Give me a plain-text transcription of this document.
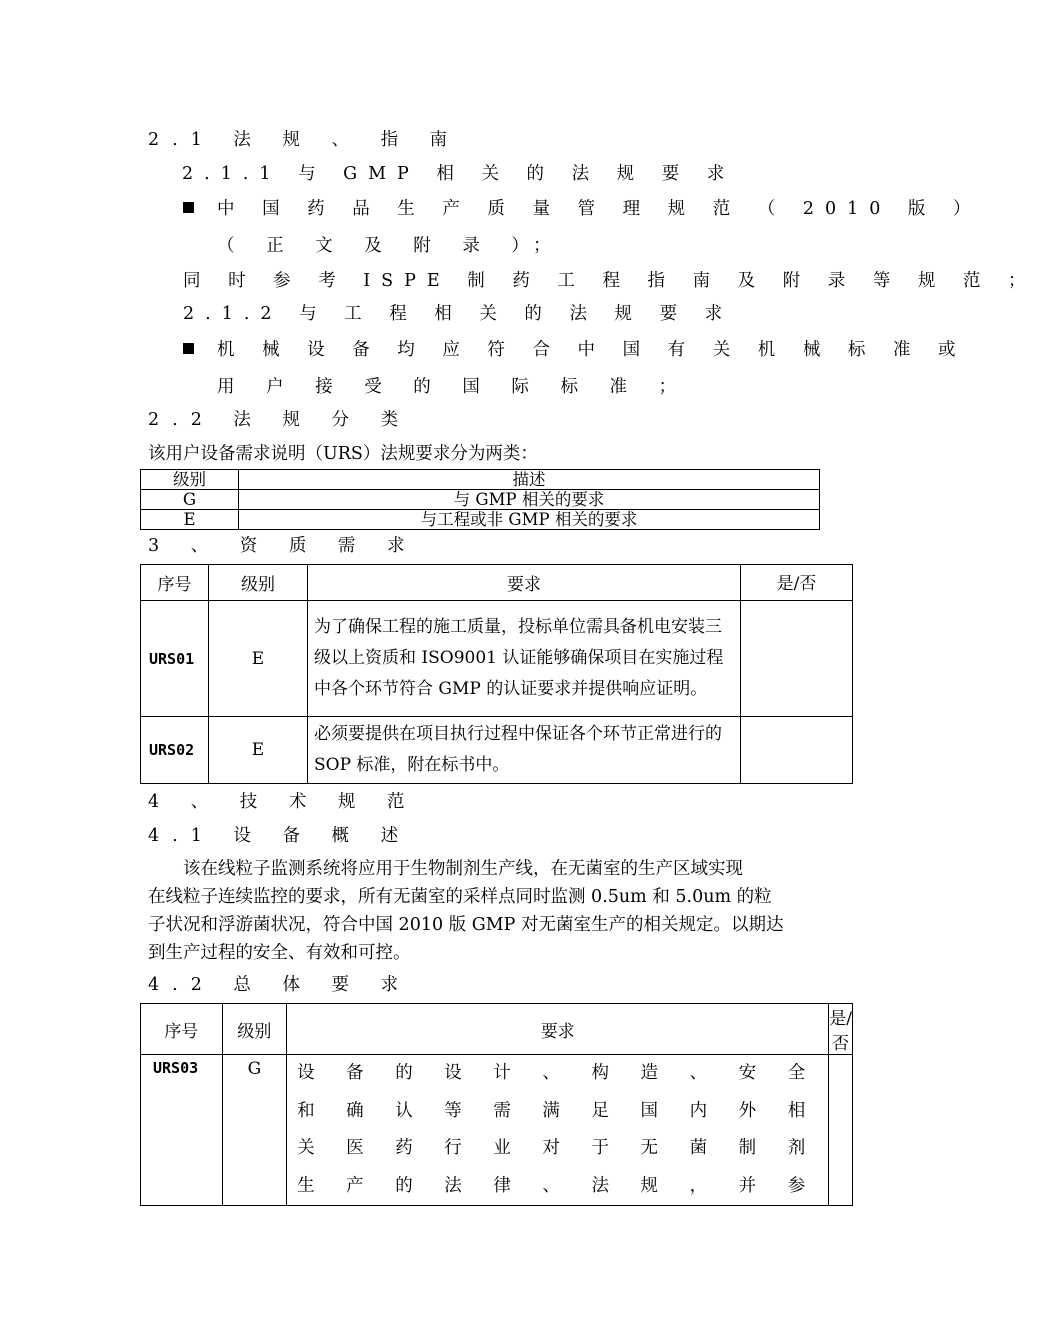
2.1 法 规 、 指 南
2.1.1 与 GMP 相 关 的 法 规 要 求
中 国 药 品 生 产 质 量 管 理 规 范 （ 2010 版 ）
（ 正 文 及 附 录 ）；
同 时 参 考 ISPE 制 药 工 程 指 南 及 附 录 等 规 范 ；
2.1.2 与 工 程 相 关 的 法 规 要 求
机 械 设 备 均 应 符 合 中 国 有 关 机 械 标 准 或
用 户 接 受 的 国 际 标 准 ；
2.2 法 规 分 类
该用户设备需求说明（URS）法规要求分为两类：
级别	描述
G	与 GMP 相关的要求
E	与工程或非 GMP 相关的要求
3 、 资 质 需 求
序号	级别	要求	是/否
URS01	E	为了确保工程的施工质量，投标单位需具备机电安装三级以上资质和 ISO9001 认证能够确保项目在实施过程中各个环节符合 GMP 的认证要求并提供响应证明。	
URS02	E	必须要提供在项目执行过程中保证各个环节正常进行的 SOP 标准，附在标书中。	
4 、 技 术 规 范
4.1 设 备 概 述
该在线粒子监测系统将应用于生物制剂生产线，在无菌室的生产区域实现
在线粒子连续监控的要求，所有无菌室的采样点同时监测 0.5um 和 5.0um 的粒
子状况和浮游菌状况，符合中国 2010 版 GMP 对无菌室生产的相关规定。以期达
到生产过程的安全、有效和可控。
4.2 总 体 要 求
序号	级别	要求	是/否
URS03	G	设 备 的 设 计 、 构 造 、 安 全
和 确 认 等 需 满 足 国 内 外 相
关 医 药 行 业 对 于 无 菌 制 剂
生 产 的 法 律 、 法 规 ， 并 参	
